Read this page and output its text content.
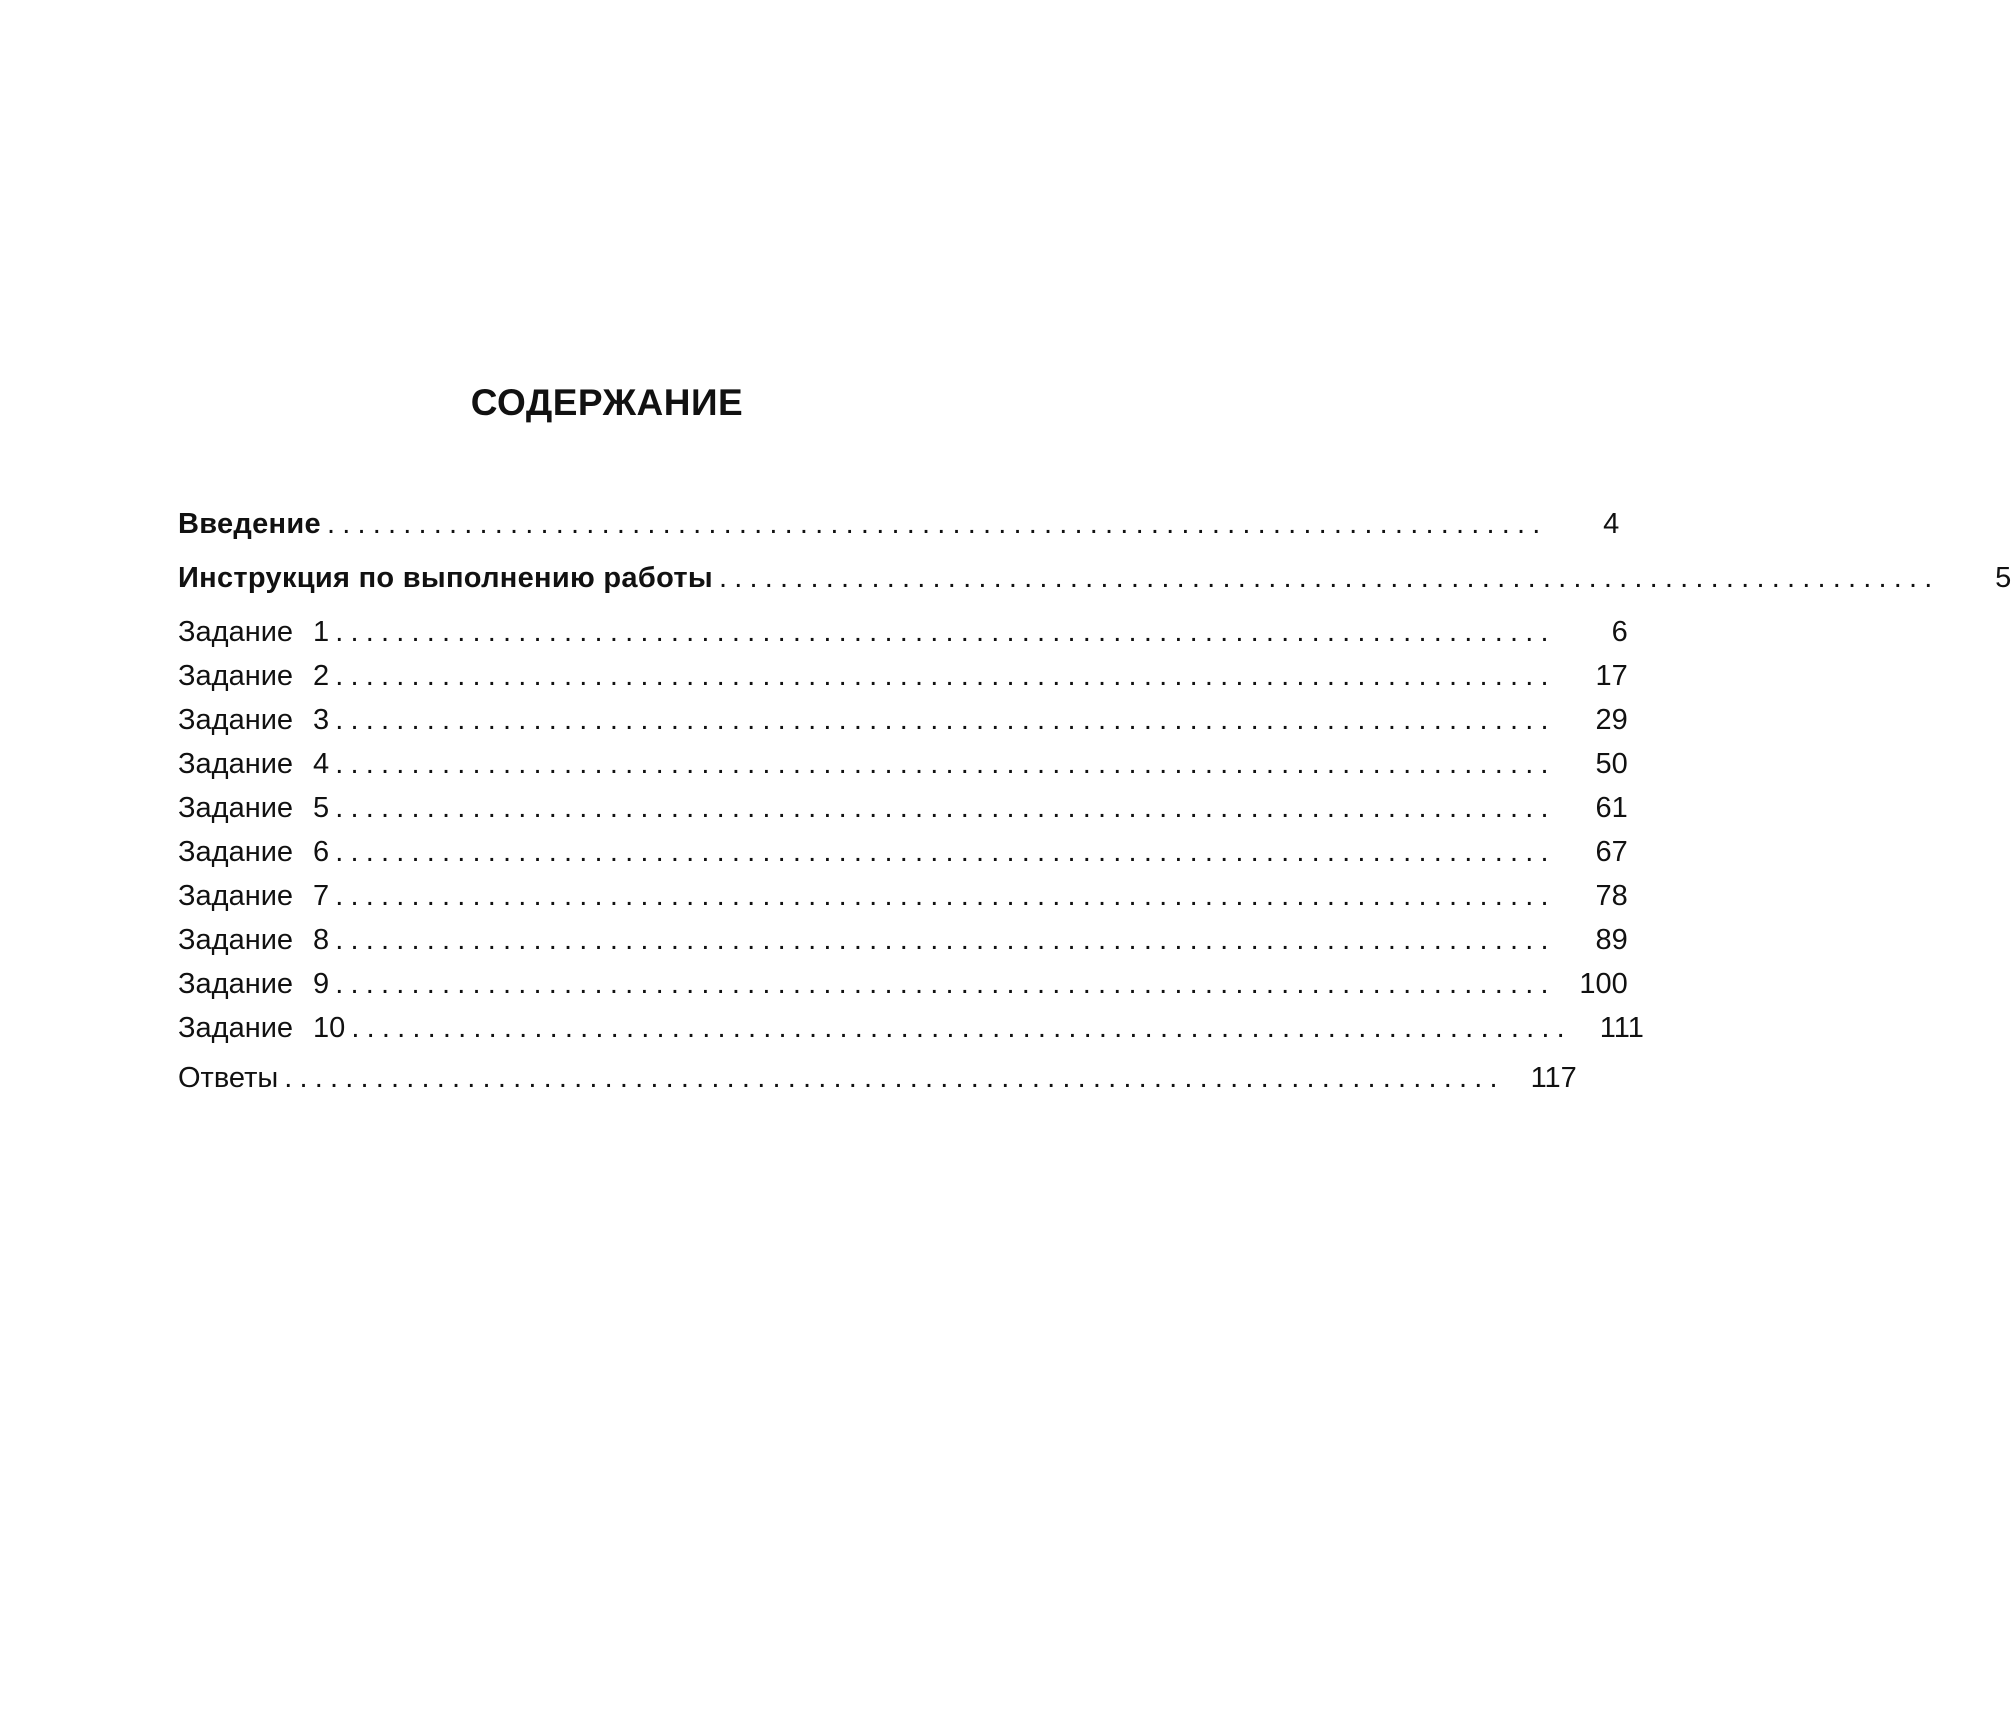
СОДЕРЖАНИЕ
Введение ................................................................................	4
Инструкция по выполнению работы ................................................................................	5
Задание 1 ................................................................................	6
Задание 2 ................................................................................	17
Задание 3 ................................................................................	29
Задание 4 ................................................................................	50
Задание 5 ................................................................................	61
Задание 6 ................................................................................	67
Задание 7 ................................................................................	78
Задание 8 ................................................................................	89
Задание 9 ................................................................................ 100
Задание 10 ................................................................................ 111
Ответы ................................................................................ 117
